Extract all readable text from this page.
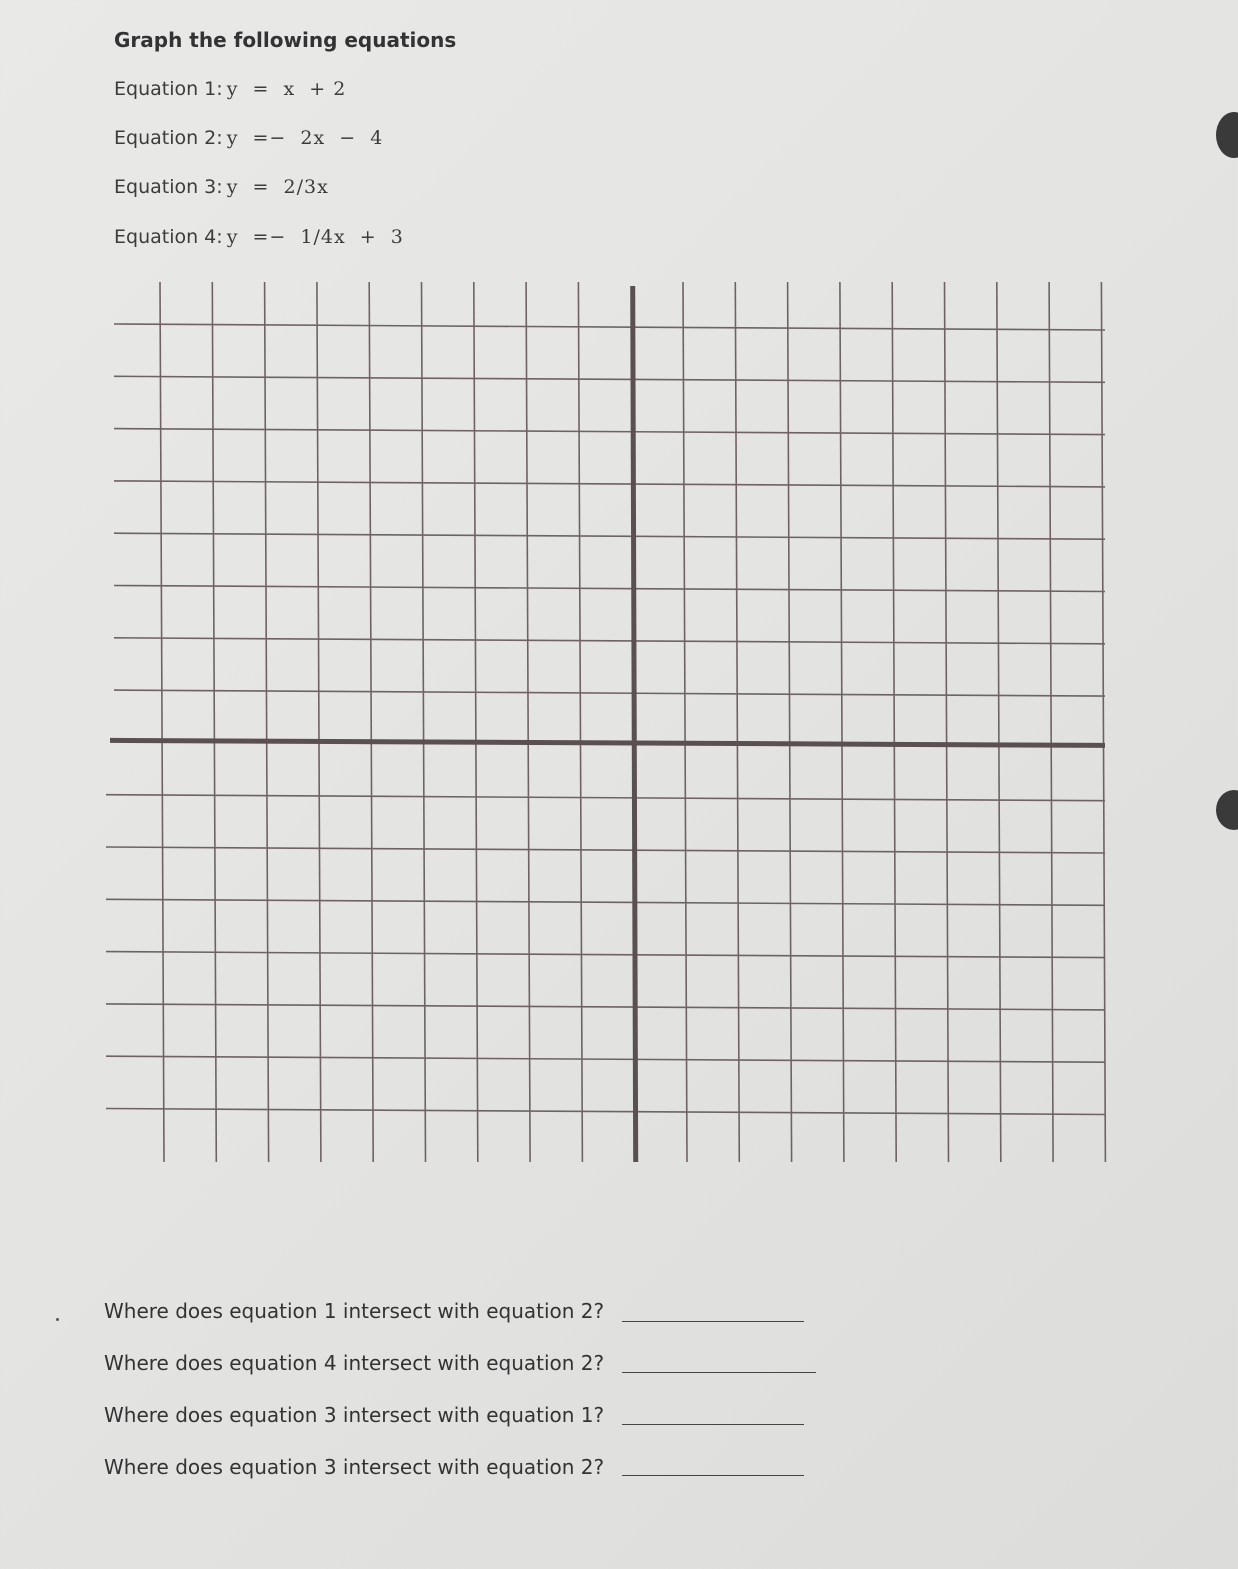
Graph the following equations

Equation 1: y  =  x  + 2

Equation 2: y  =−  2x  −  4

Equation 3: y  =  2/3x

Equation 4: y  =−  1/4x  +  3

Where does equation 1 intersect with equation 2?

Where does equation 4 intersect with equation 2?

Where does equation 3 intersect with equation 1?

Where does equation 3 intersect with equation 2?
